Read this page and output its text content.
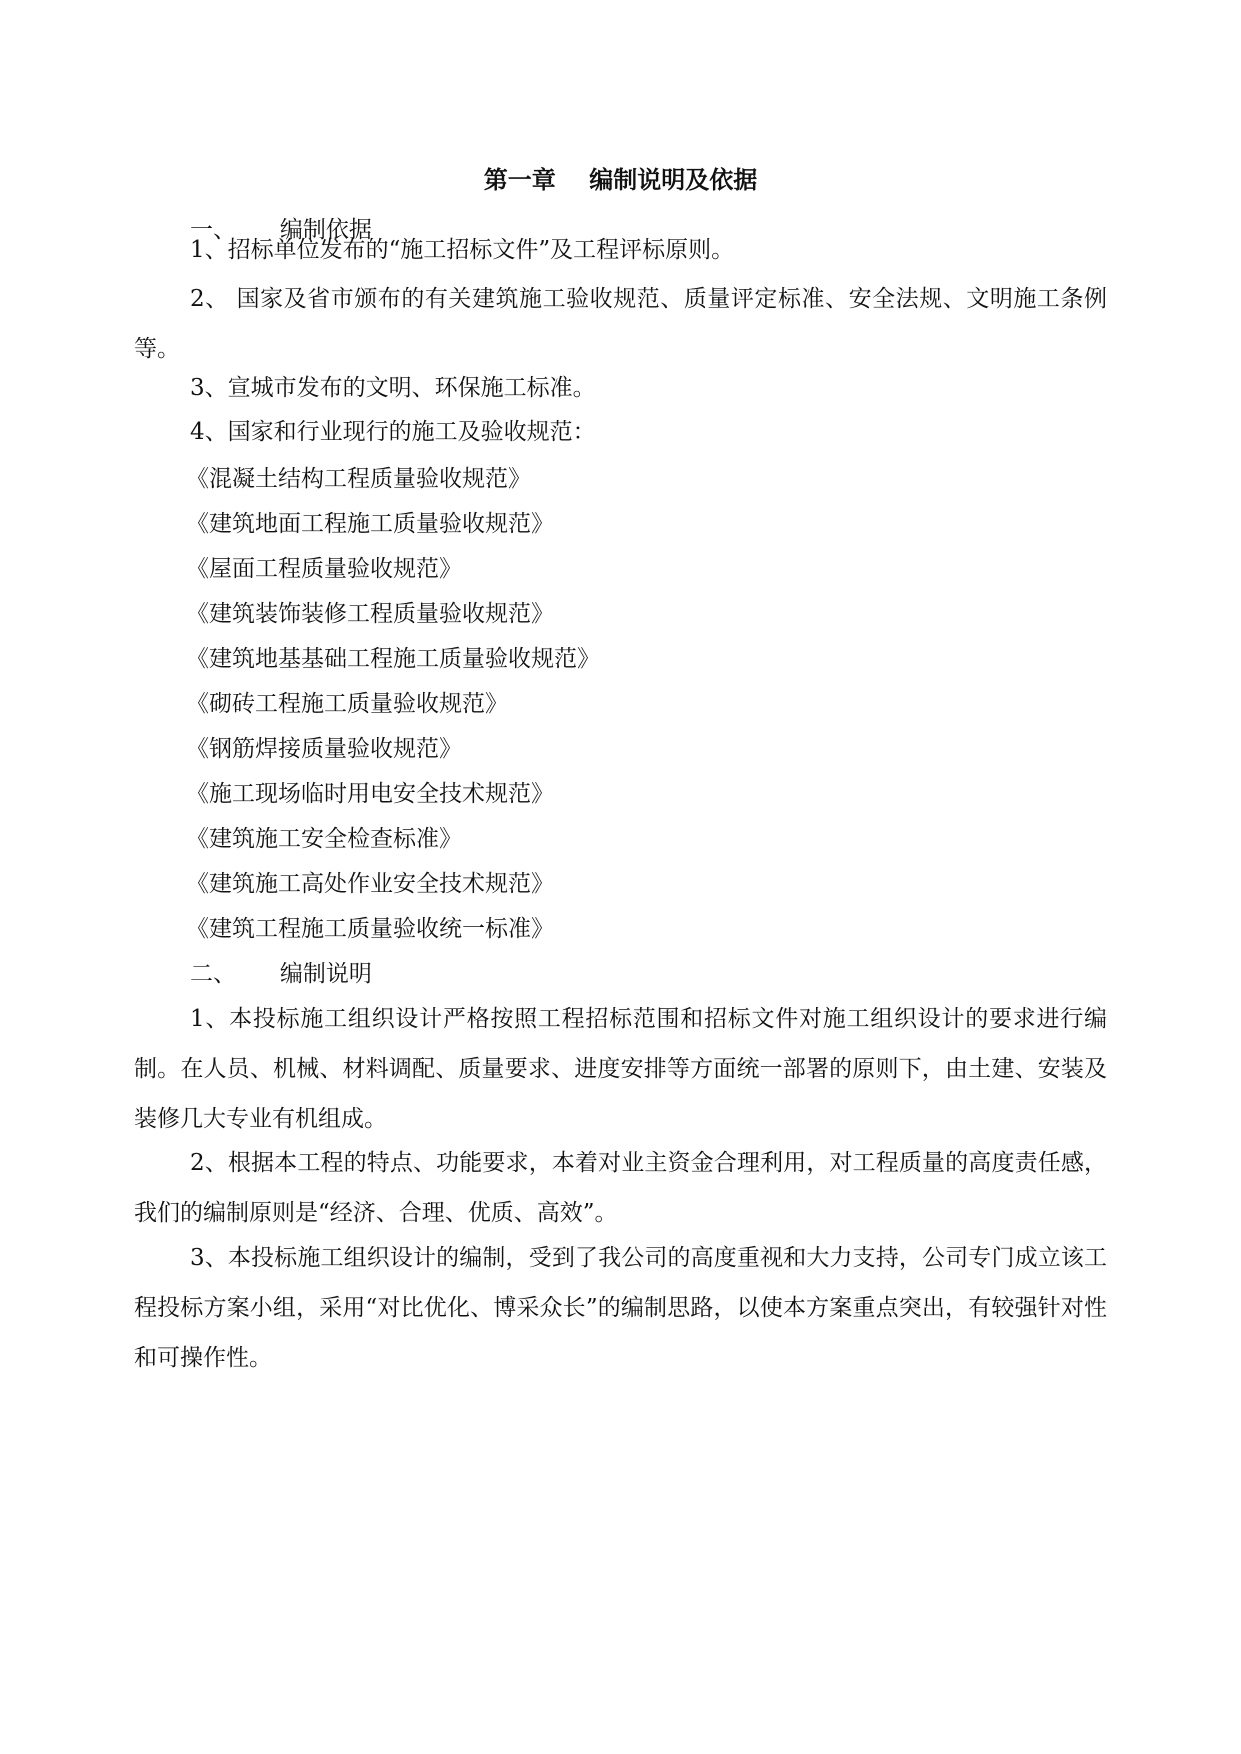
第一章    编制说明及依据
一、      编制依据
1、招标单位发布的“施工招标文件”及工程评标原则。

2、 国家及省市颁布的有关建筑施工验收规范、质量评定标准、安全法规、文明施工条例等。

3、宣城市发布的文明、环保施工标准。
4、国家和行业现行的施工及验收规范：
《混凝土结构工程质量验收规范》
《建筑地面工程施工质量验收规范》
《屋面工程质量验收规范》
《建筑装饰装修工程质量验收规范》
《建筑地基基础工程施工质量验收规范》
《砌砖工程施工质量验收规范》
《钢筋焊接质量验收规范》
《施工现场临时用电安全技术规范》
《建筑施工安全检查标准》
《建筑施工高处作业安全技术规范》
《建筑工程施工质量验收统一标准》
二、      编制说明

1、本投标施工组织设计严格按照工程招标范围和招标文件对施工组织设计的要求进行编制。在人员、机械、材料调配、质量要求、进度安排等方面统一部署的原则下，由土建、安装及装修几大专业有机组成。

2、根据本工程的特点、功能要求，本着对业主资金合理利用，对工程质量的高度责任感，我们的编制原则是“经济、合理、优质、高效”。

3、本投标施工组织设计的编制，受到了我公司的高度重视和大力支持，公司专门成立该工程投标方案小组，采用“对比优化、博采众长”的编制思路，以使本方案重点突出，有较强针对性和可操作性。
